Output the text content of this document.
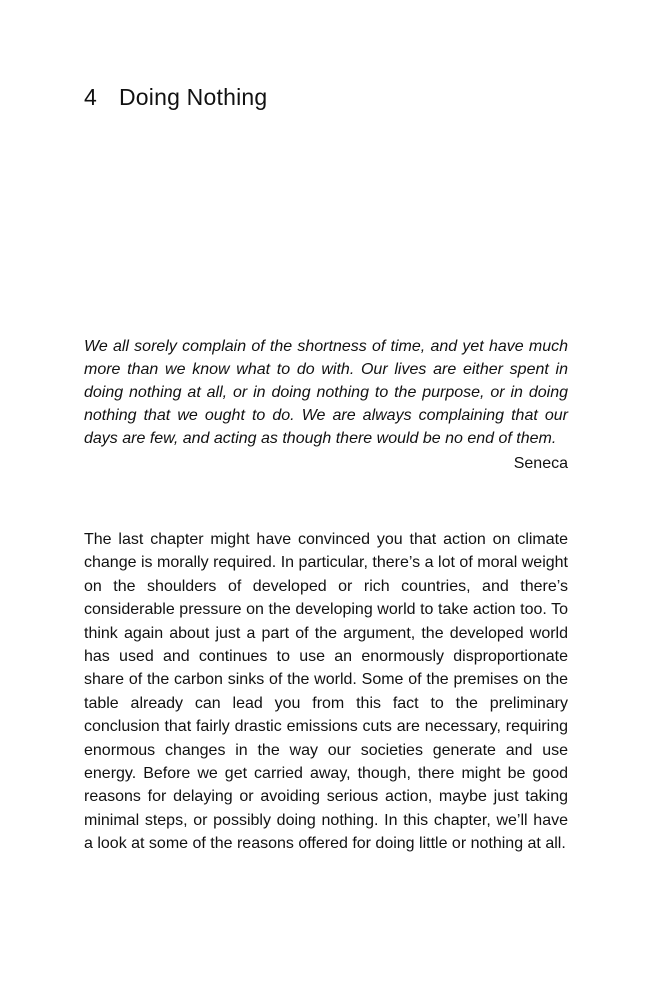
4 Doing Nothing

We all sorely complain of the shortness of time, and yet have much more than we know what to do with. Our lives are either spent in doing nothing at all, or in doing nothing to the purpose, or in doing nothing that we ought to do. We are always complaining that our days are few, and acting as though there would be no end of them.

Seneca

The last chapter might have convinced you that action on climate change is morally required. In particular, there’s a lot of moral weight on the shoulders of developed or rich countries, and there’s considerable pressure on the developing world to take action too. To think again about just a part of the argument, the developed world has used and continues to use an enormously disproportionate share of the carbon sinks of the world. Some of the premises on the table already can lead you from this fact to the preliminary conclusion that fairly drastic emissions cuts are necessary, requiring enormous changes in the way our societies generate and use energy. Before we get carried away, though, there might be good reasons for delaying or avoiding serious action, maybe just taking minimal steps, or possibly doing nothing. In this chapter, we’ll have a look at some of the reasons offered for doing little or nothing at all.
